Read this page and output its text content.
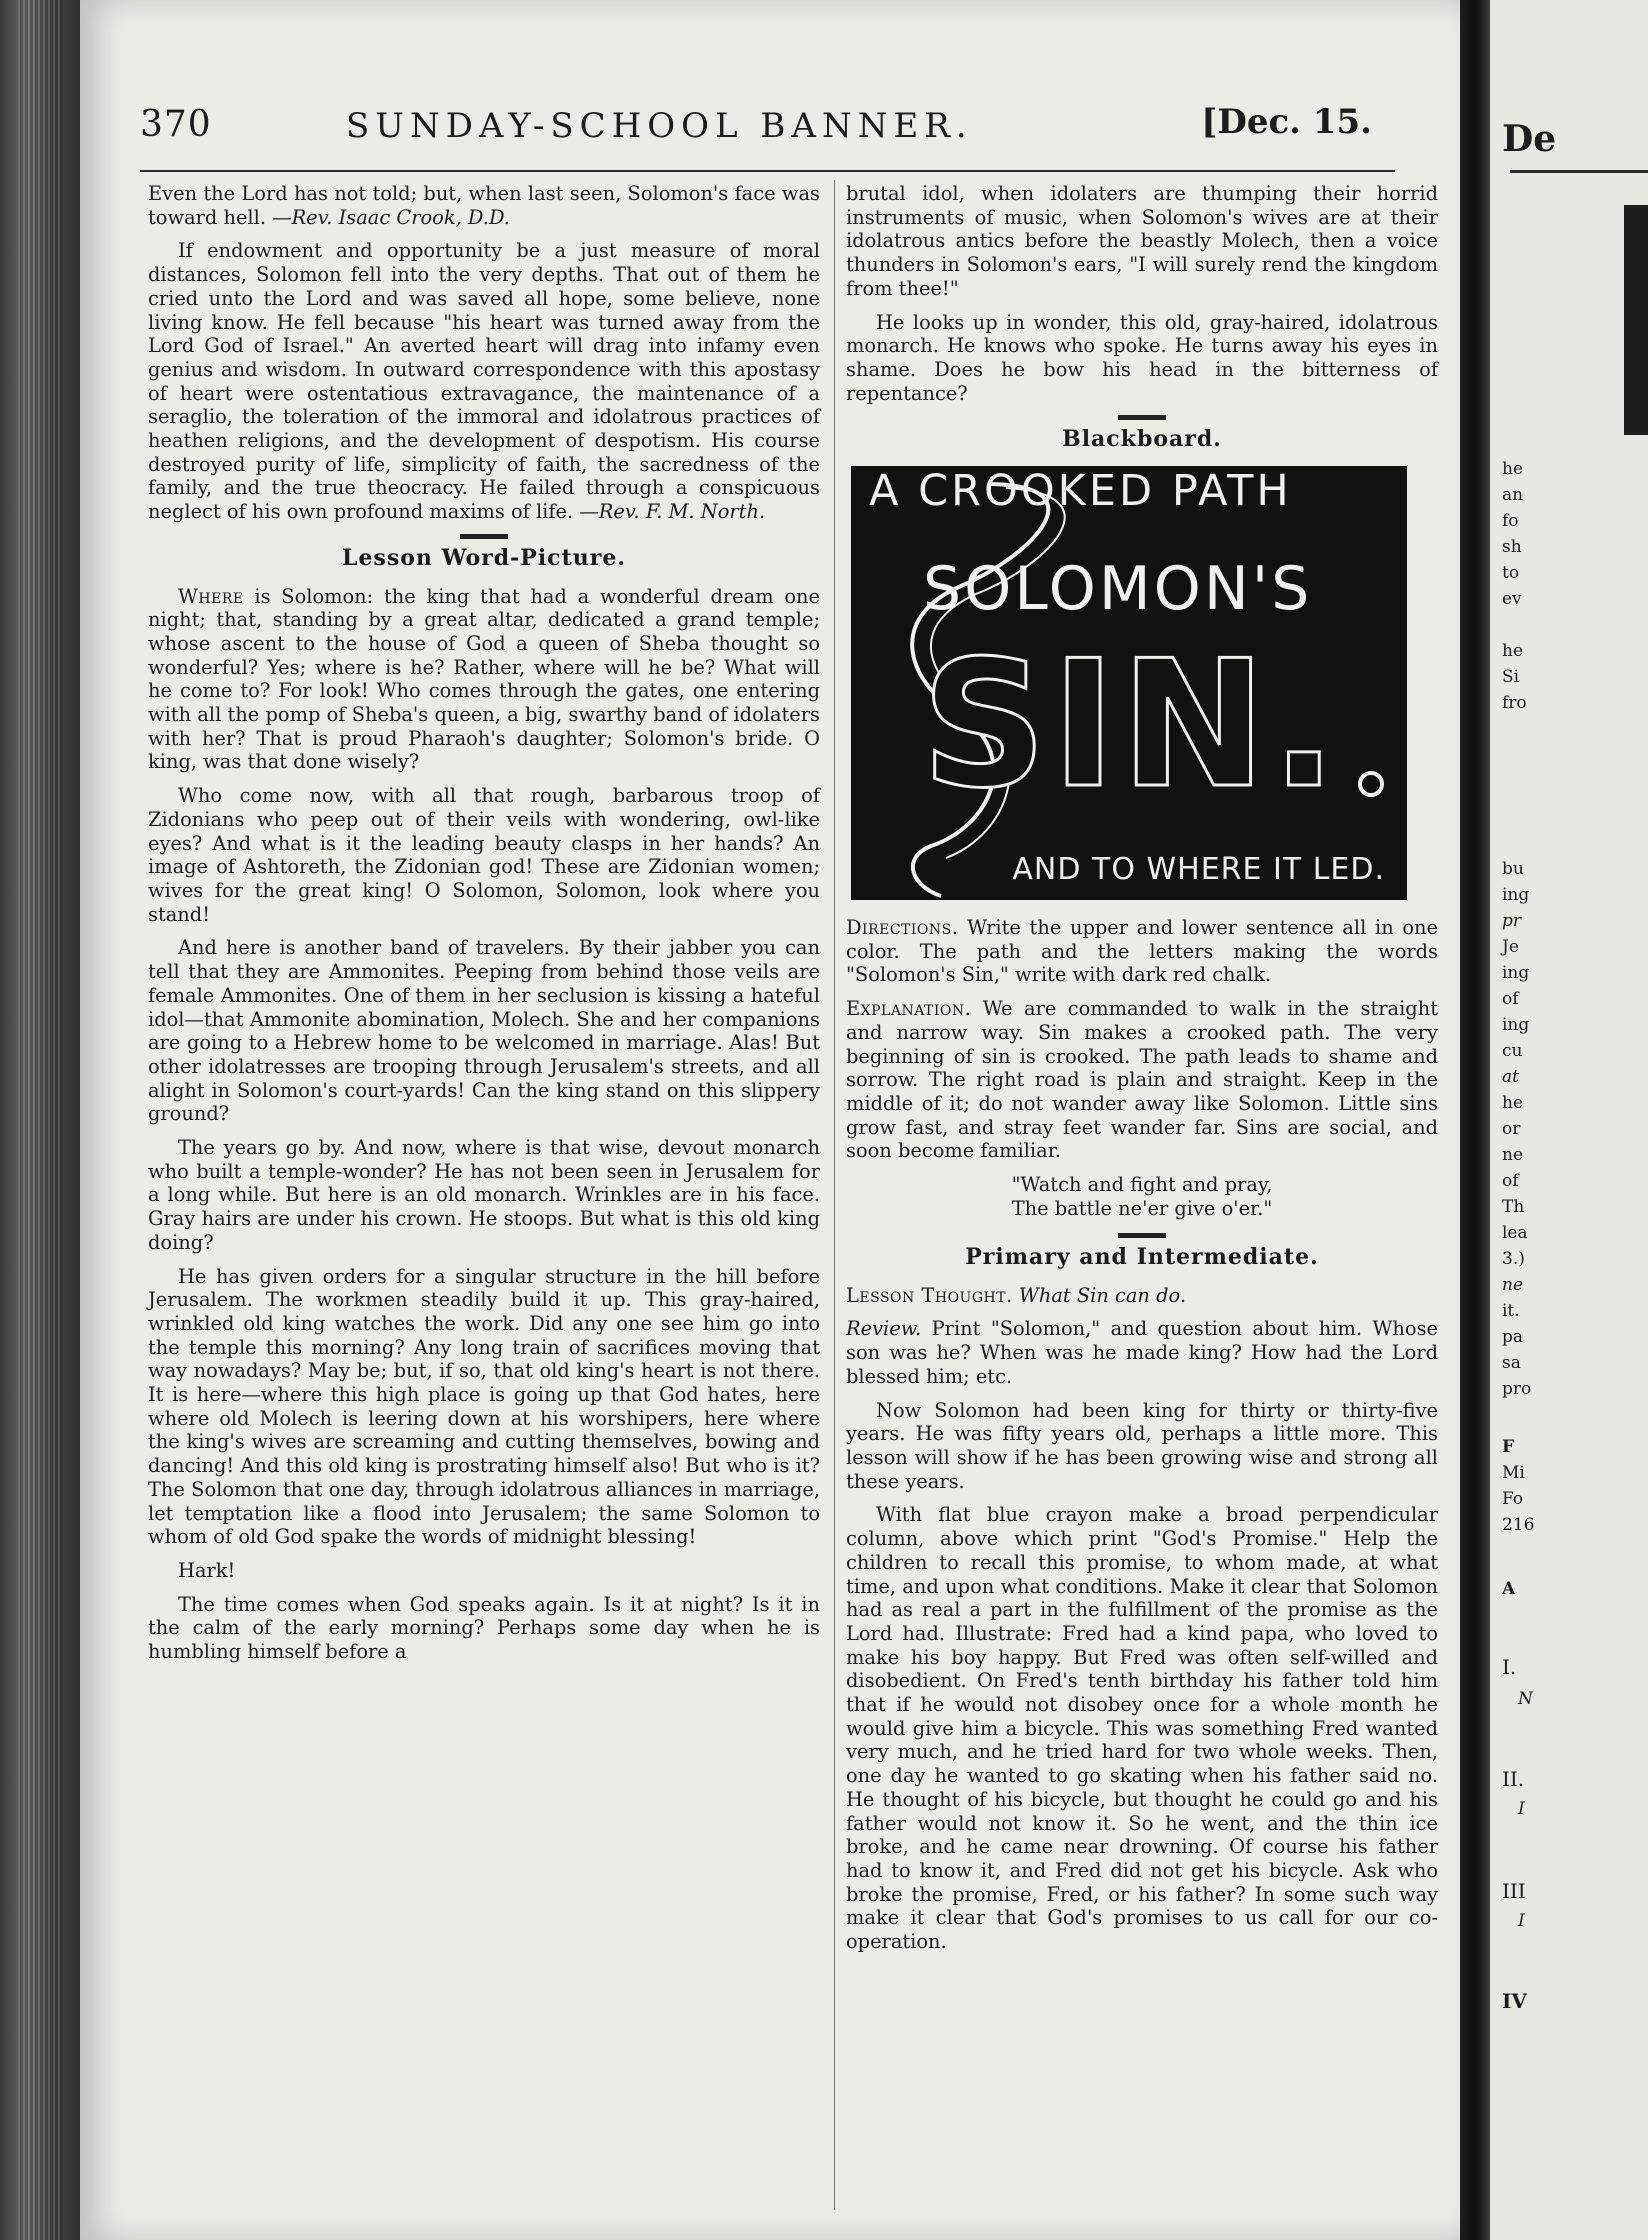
De
he
an
fo
sh
to
ev
he
Si
fro
bu
ing
pr
Je
ing
of
ing
cu
at
he
or
ne
of
Th
lea
3.)
ne
it.
pa
sa
pro
F
Mi
Fo
216
A
I.
N
II.
I
III
I
IV
370	SUNDAY-SCHOOL BANNER.	[Dec. 15.

Even the Lord has not told; but, when last seen, Solomon's face was toward hell. —Rev. Isaac Crook, D.D.

If endowment and opportunity be a just measure of moral distances, Solomon fell into the very depths. That out of them he cried unto the Lord and was saved all hope, some believe, none living know. He fell because "his heart was turned away from the Lord God of Israel." An averted heart will drag into infamy even genius and wisdom. In outward correspondence with this apostasy of heart were ostentatious extravagance, the maintenance of a seraglio, the toleration of the immoral and idolatrous practices of heathen religions, and the development of despotism. His course destroyed purity of life, simplicity of faith, the sacredness of the family, and the true theocracy. He failed through a conspicuous neglect of his own profound maxims of life. —Rev. F. M. North.

Lesson Word-Picture.

Where is Solomon: the king that had a wonderful dream one night; that, standing by a great altar, dedicated a grand temple; whose ascent to the house of God a queen of Sheba thought so wonderful? Yes; where is he? Rather, where will he be? What will he come to? For look! Who comes through the gates, one entering with all the pomp of Sheba's queen, a big, swarthy band of idolaters with her? That is proud Pharaoh's daughter; Solomon's bride. O king, was that done wisely?

Who come now, with all that rough, barbarous troop of Zidonians who peep out of their veils with wondering, owl-like eyes? And what is it the leading beauty clasps in her hands? An image of Ashtoreth, the Zidonian god! These are Zidonian women; wives for the great king! O Solomon, Solomon, look where you stand!

And here is another band of travelers. By their jabber you can tell that they are Ammonites. Peeping from behind those veils are female Ammonites. One of them in her seclusion is kissing a hateful idol—that Ammonite abomination, Molech. She and her companions are going to a Hebrew home to be welcomed in marriage. Alas! But other idolatresses are trooping through Jerusalem's streets, and all alight in Solomon's court-yards! Can the king stand on this slippery ground?

The years go by. And now, where is that wise, devout monarch who built a temple-wonder? He has not been seen in Jerusalem for a long while. But here is an old monarch. Wrinkles are in his face. Gray hairs are under his crown. He stoops. But what is this old king doing?

He has given orders for a singular structure in the hill before Jerusalem. The workmen steadily build it up. This gray-haired, wrinkled old king watches the work. Did any one see him go into the temple this morning? Any long train of sacrifices moving that way nowadays? May be; but, if so, that old king's heart is not there. It is here—where this high place is going up that God hates, here where old Molech is leering down at his worshipers, here where the king's wives are screaming and cutting themselves, bowing and dancing! And this old king is prostrating himself also! But who is it? The Solomon that one day, through idolatrous alliances in marriage, let temptation like a flood into Jerusalem; the same Solomon to whom of old God spake the words of midnight blessing!

Hark!

The time comes when God speaks again. Is it at night? Is it in the calm of the early morning? Perhaps some day when he is humbling himself before a

brutal idol, when idolaters are thumping their horrid instruments of music, when Solomon's wives are at their idolatrous antics before the beastly Molech, then a voice thunders in Solomon's ears, "I will surely rend the kingdom from thee!"

He looks up in wonder, this old, gray-haired, idolatrous monarch. He knows who spoke. He turns away his eyes in shame. Does he bow his head in the bitterness of repentance?

Blackboard.
A CROOKED PATH
SOLOMON'S
SIN.
AND TO WHERE IT LED.

Directions. Write the upper and lower sentence all in one color. The path and the letters making the words "Solomon's Sin," write with dark red chalk.

Explanation. We are commanded to walk in the straight and narrow way. Sin makes a crooked path. The very beginning of sin is crooked. The path leads to shame and sorrow. The right road is plain and straight. Keep in the middle of it; do not wander away like Solomon. Little sins grow fast, and stray feet wander far. Sins are social, and soon become familiar.

"Watch and fight and pray,
The battle ne'er give o'er."
Primary and Intermediate.

Lesson Thought. What Sin can do.

Review. Print "Solomon," and question about him. Whose son was he? When was he made king? How had the Lord blessed him; etc.

Now Solomon had been king for thirty or thirty-five years. He was fifty years old, perhaps a little more. This lesson will show if he has been growing wise and strong all these years.

With flat blue crayon make a broad perpendicular column, above which print "God's Promise." Help the children to recall this promise, to whom made, at what time, and upon what conditions. Make it clear that Solomon had as real a part in the fulfillment of the promise as the Lord had. Illustrate: Fred had a kind papa, who loved to make his boy happy. But Fred was often self-willed and disobedient. On Fred's tenth birthday his father told him that if he would not disobey once for a whole month he would give him a bicycle. This was something Fred wanted very much, and he tried hard for two whole weeks. Then, one day he wanted to go skating when his father said no. He thought of his bicycle, but thought he could go and his father would not know it. So he went, and the thin ice broke, and he came near drowning. Of course his father had to know it, and Fred did not get his bicycle. Ask who broke the promise, Fred, or his father? In some such way make it clear that God's promises to us call for our co-operation.
